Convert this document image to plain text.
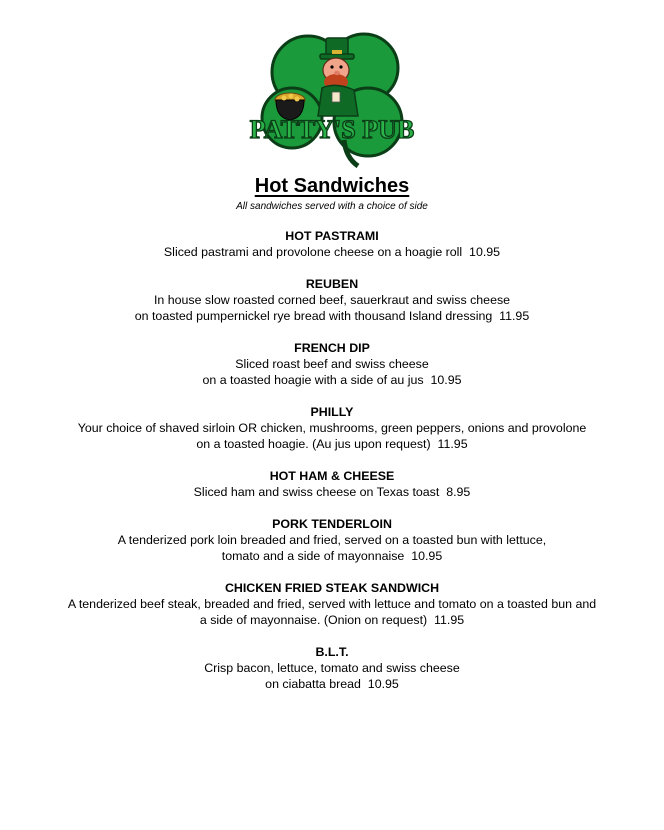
PATTY'S PUB
Hot Sandwiches
All sandwiches served with a choice of side
HOT PASTRAMI
Sliced pastrami and provolone cheese on a hoagie roll  10.95
REUBEN
In house slow roasted corned beef, sauerkraut and swiss cheese
on toasted pumpernickel rye bread with thousand Island dressing  11.95
FRENCH DIP
Sliced roast beef and swiss cheese
on a toasted hoagie with a side of au jus  10.95
PHILLY
Your choice of shaved sirloin OR chicken, mushrooms, green peppers, onions and provolone
on a toasted hoagie. (Au jus upon request)  11.95
HOT HAM & CHEESE
Sliced ham and swiss cheese on Texas toast  8.95
PORK TENDERLOIN
A tenderized pork loin breaded and fried, served on a toasted bun with lettuce,
tomato and a side of mayonnaise  10.95
CHICKEN FRIED STEAK SANDWICH
A tenderized beef steak, breaded and fried, served with lettuce and tomato on a toasted bun and
a side of mayonnaise. (Onion on request)  11.95
B.L.T.
Crisp bacon, lettuce, tomato and swiss cheese
on ciabatta bread  10.95
